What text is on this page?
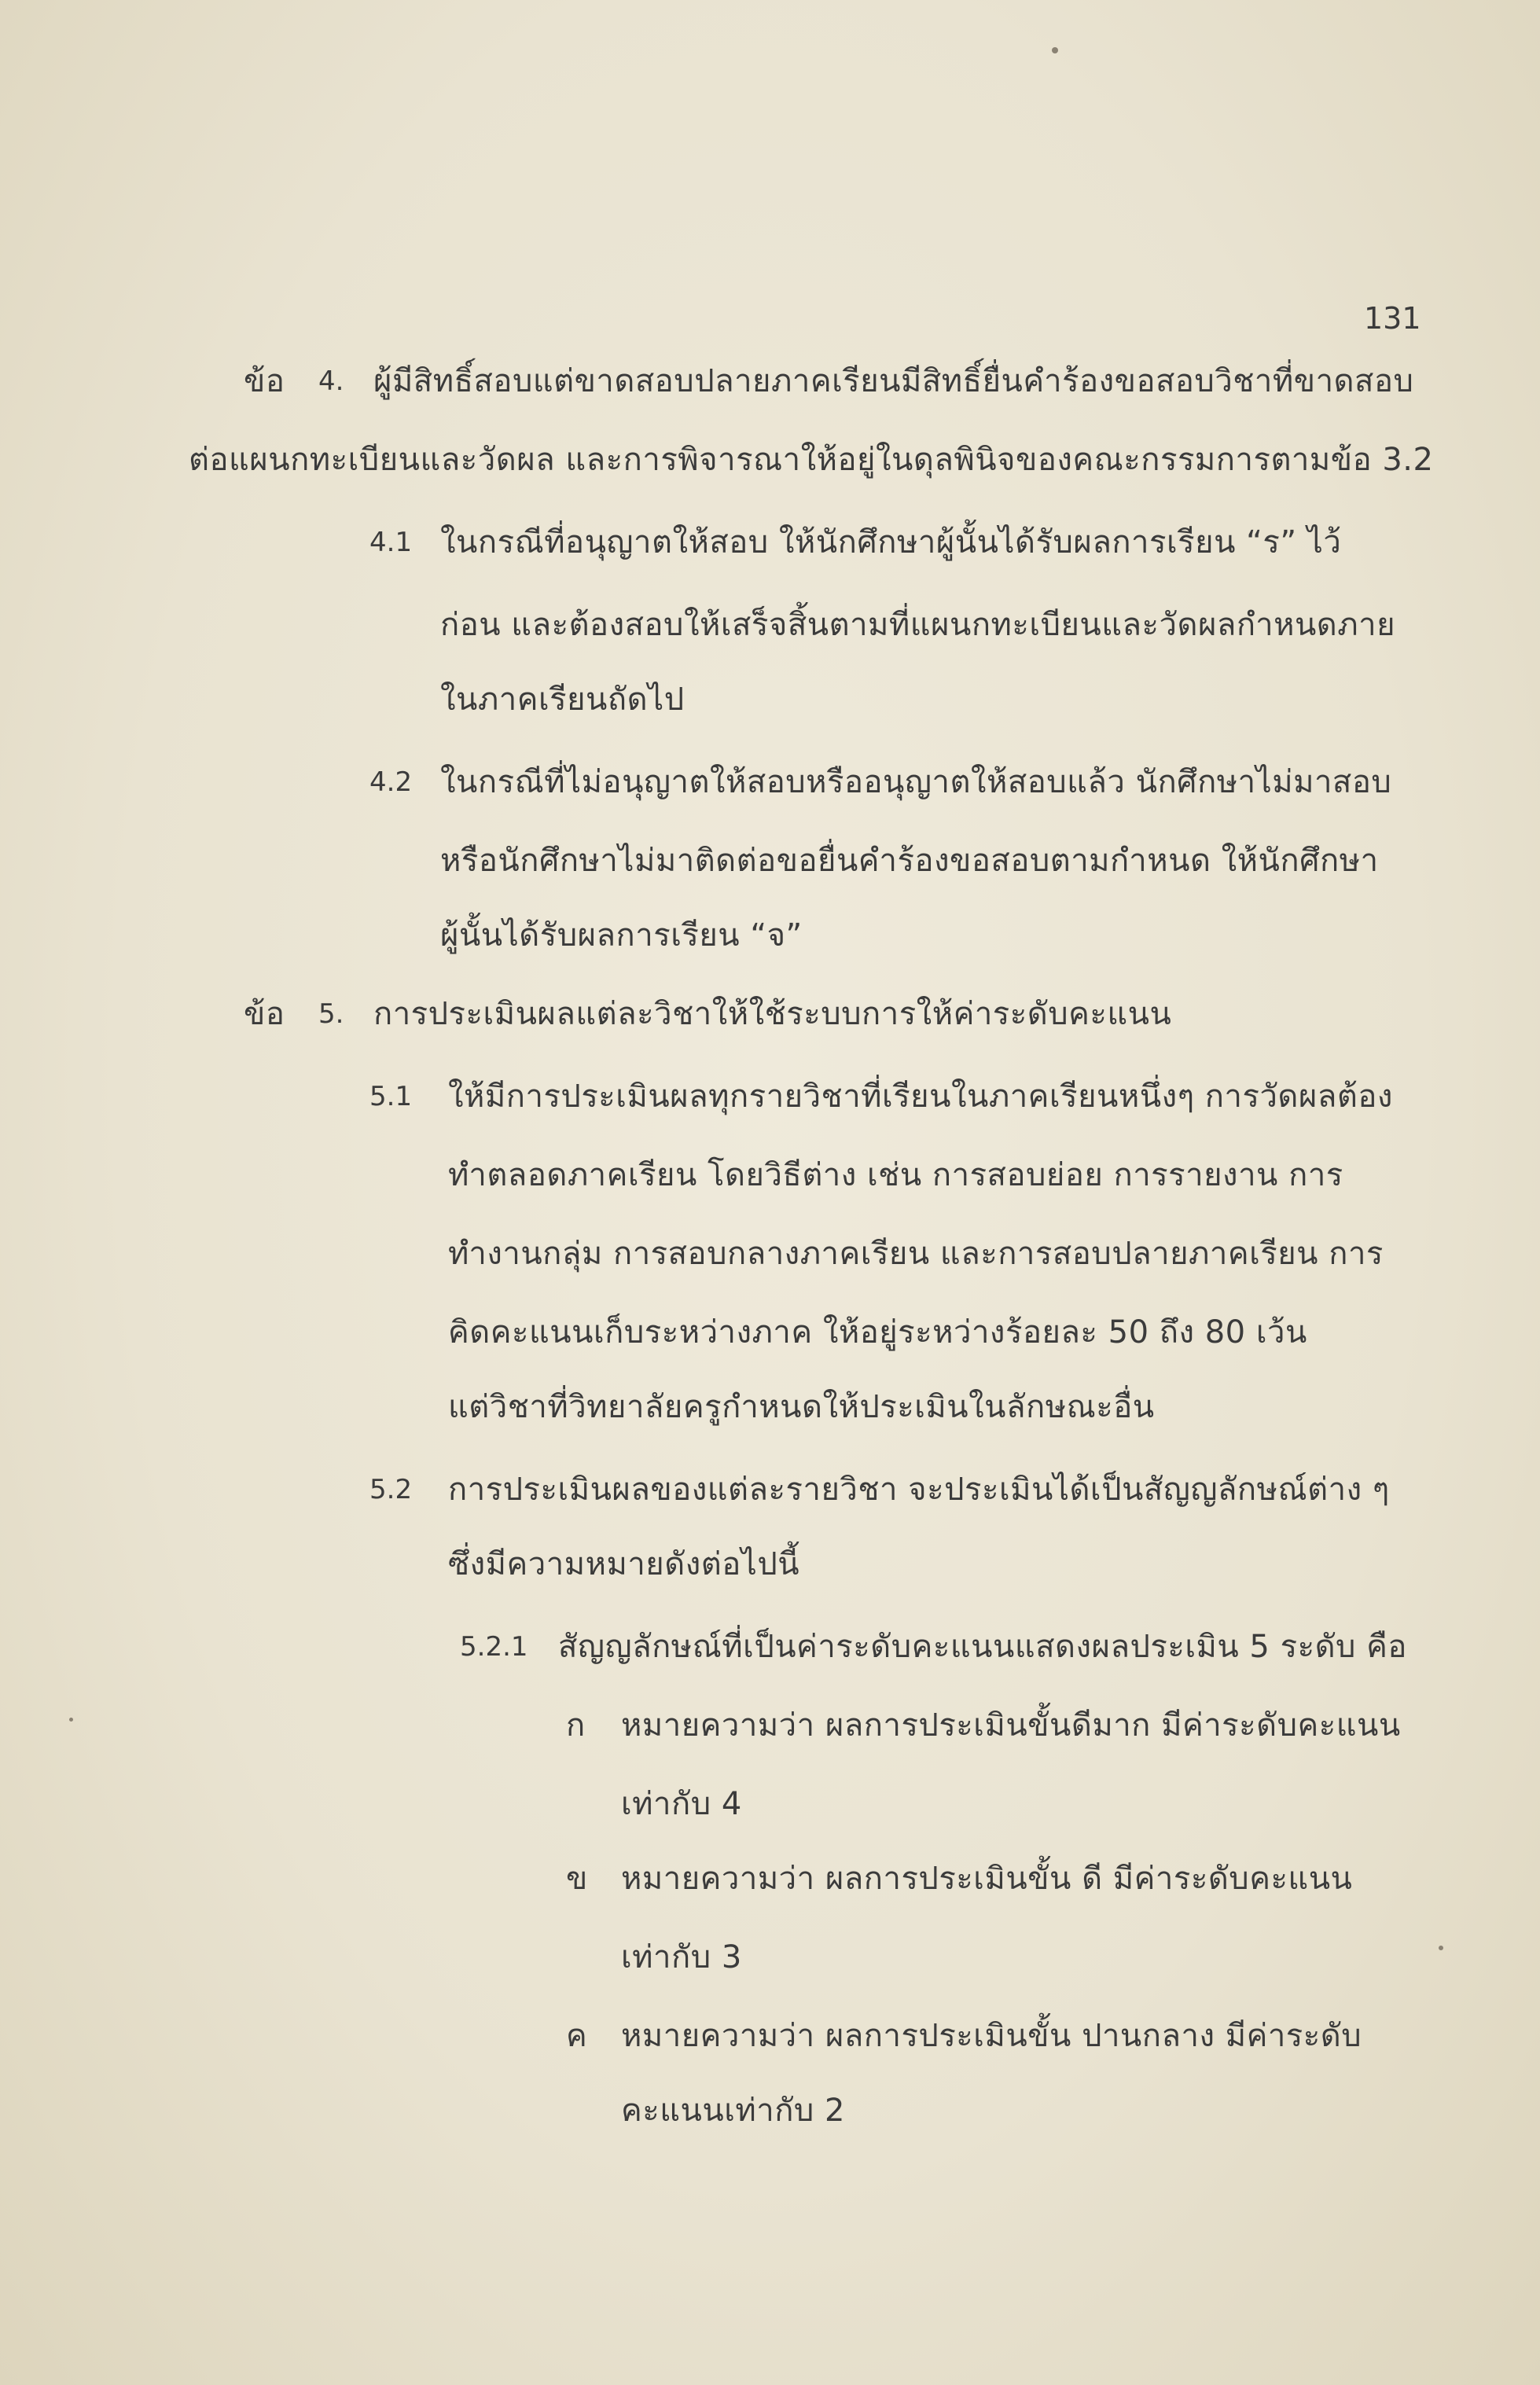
131
ข้อ 4. ผู้มีสิทธิ์สอบแต่ขาดสอบปลายภาคเรียนมีสิทธิ์ยื่นคำร้องขอสอบวิชาที่ขาดสอบ
ต่อแผนกทะเบียนและวัดผล และการพิจารณาให้อยู่ในดุลพินิจของคณะกรรมการตามข้อ 3.2
4.1 ในกรณีที่อนุญาตให้สอบ ให้นักศึกษาผู้นั้นได้รับผลการเรียน “ร” ไว้
ก่อน และต้องสอบให้เสร็จสิ้นตามที่แผนกทะเบียนและวัดผลกำหนดภาย
ในภาคเรียนถัดไป
4.2 ในกรณีที่ไม่อนุญาตให้สอบหรืออนุญาตให้สอบแล้ว นักศึกษาไม่มาสอบ
หรือนักศึกษาไม่มาติดต่อขอยื่นคำร้องขอสอบตามกำหนด ให้นักศึกษา
ผู้นั้นได้รับผลการเรียน “จ”
ข้อ 5. การประเมินผลแต่ละวิชาให้ใช้ระบบการให้ค่าระดับคะแนน
5.1 ให้มีการประเมินผลทุกรายวิชาที่เรียนในภาคเรียนหนึ่งๆ การวัดผลต้อง
ทำตลอดภาคเรียน โดยวิธีต่าง เช่น การสอบย่อย การรายงาน การ
ทำงานกลุ่ม การสอบกลางภาคเรียน และการสอบปลายภาคเรียน การ
คิดคะแนนเก็บระหว่างภาค ให้อยู่ระหว่างร้อยละ 50 ถึง 80 เว้น
แต่วิชาที่วิทยาลัยครูกำหนดให้ประเมินในลักษณะอื่น
5.2 การประเมินผลของแต่ละรายวิชา จะประเมินได้เป็นสัญญลักษณ์ต่าง ๆ
ซึ่งมีความหมายดังต่อไปนี้
5.2.1 สัญญลักษณ์ที่เป็นค่าระดับคะแนนแสดงผลประเมิน 5 ระดับ คือ
ก หมายความว่า ผลการประเมินขั้นดีมาก มีค่าระดับคะแนน
เท่ากับ 4
ข หมายความว่า ผลการประเมินขั้น ดี มีค่าระดับคะแนน
เท่ากับ 3
ค หมายความว่า ผลการประเมินขั้น ปานกลาง มีค่าระดับ
คะแนนเท่ากับ 2
